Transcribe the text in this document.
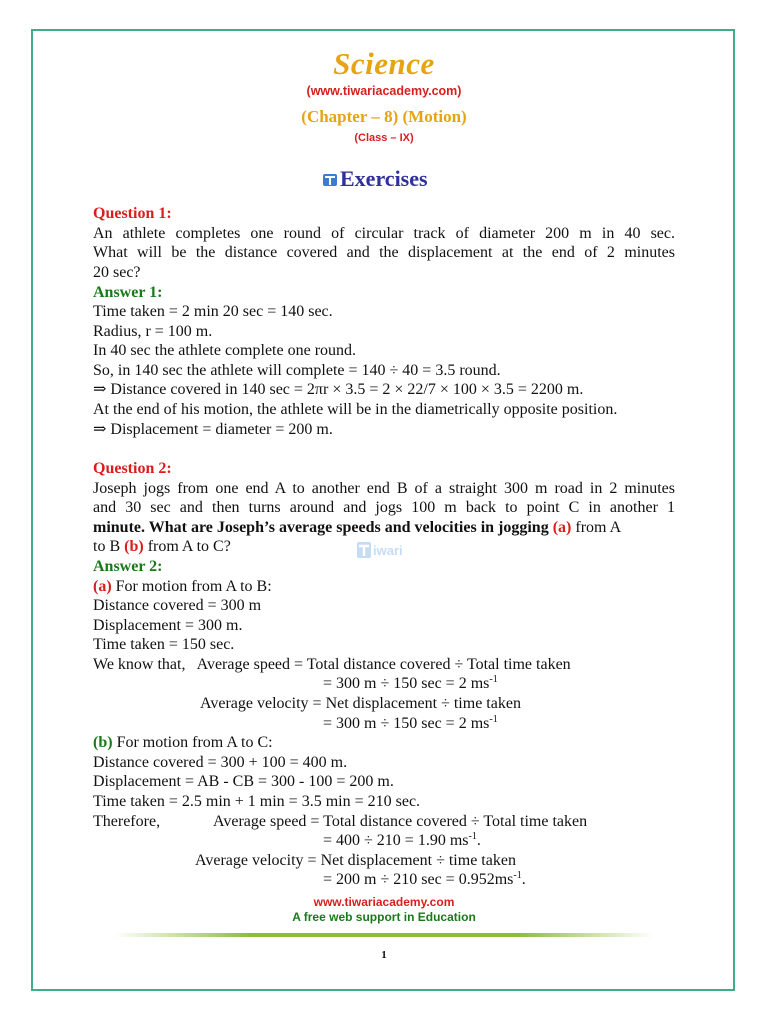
Science
(www.tiwariacademy.com)
(Chapter – 8) (Motion)
(Class – IX)
Exercises
Question 1:
An athlete completes one round of circular track of diameter 200 m in 40 sec.
What will be the distance covered and the displacement at the end of 2 minutes
20 sec?
Answer 1:
Time taken = 2 min 20 sec = 140 sec.
Radius, r = 100 m.
In 40 sec the athlete complete one round.
So, in 140 sec the athlete will complete = 140 ÷ 40 = 3.5 round.
⇒ Distance covered in 140 sec = 2πr × 3.5 = 2 × 22/7 × 100 × 3.5 = 2200 m.
At the end of his motion, the athlete will be in the diametrically opposite position.
⇒ Displacement = diameter = 200 m.
Question 2:
Joseph jogs from one end A to another end B of a straight 300 m road in 2 minutes
and 30 sec and then turns around and jogs 100 m back to point C in another 1
minute. What are Joseph’s average speeds and velocities in jogging (a) from A
to B (b) from A to C?	iwari
Answer 2:
(a) For motion from A to B:
Distance covered = 300 m
Displacement = 300 m.
Time taken = 150 sec.
We know that,   Average speed = Total distance covered ÷ Total time taken
= 300 m ÷ 150 sec = 2 $ms^{-1}$
Average velocity = Net displacement ÷ time taken
= 300 m ÷ 150 sec = 2 $ms^{-1}$
(b) For motion from A to C:
Distance covered = 300 + 100 = 400 m.
Displacement = AB - CB = 300 - 100 = 200 m.
Time taken = 2.5 min + 1 min = 3.5 min = 210 sec.
Therefore,	Average speed = Total distance covered ÷ Total time taken
= 400 ÷ 210 = 1.90 $ms^{-1}$.
Average velocity = Net displacement ÷ time taken
= 200 m ÷ 210 $\sec = 0.952ms^{-1}$.
www.tiwariacademy.com
A free web support in Education
1
